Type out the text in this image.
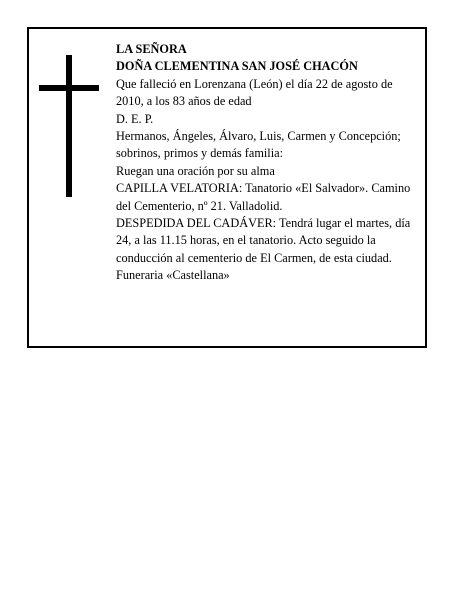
LA SEÑORA

DOÑA CLEMENTINA SAN JOSÉ CHACÓN

Que falleció en Lorenzana (León) el día 22 de agosto de 2010, a los 83 años de edad

D. E. P.

Hermanos, Ángeles, Álvaro, Luis, Carmen y Concepción; sobrinos, primos y demás familia:

Ruegan una oración por su alma

CAPILLA VELATORIA: Tanatorio «El Salvador». Camino del Cementerio, nº 21. Valladolid.

DESPEDIDA DEL CADÁVER: Tendrá lugar el martes, día 24, a las 11.15 horas, en el tanatorio. Acto seguido la conducción al cementerio de El Carmen, de esta ciudad.

Funeraria «Castellana»
